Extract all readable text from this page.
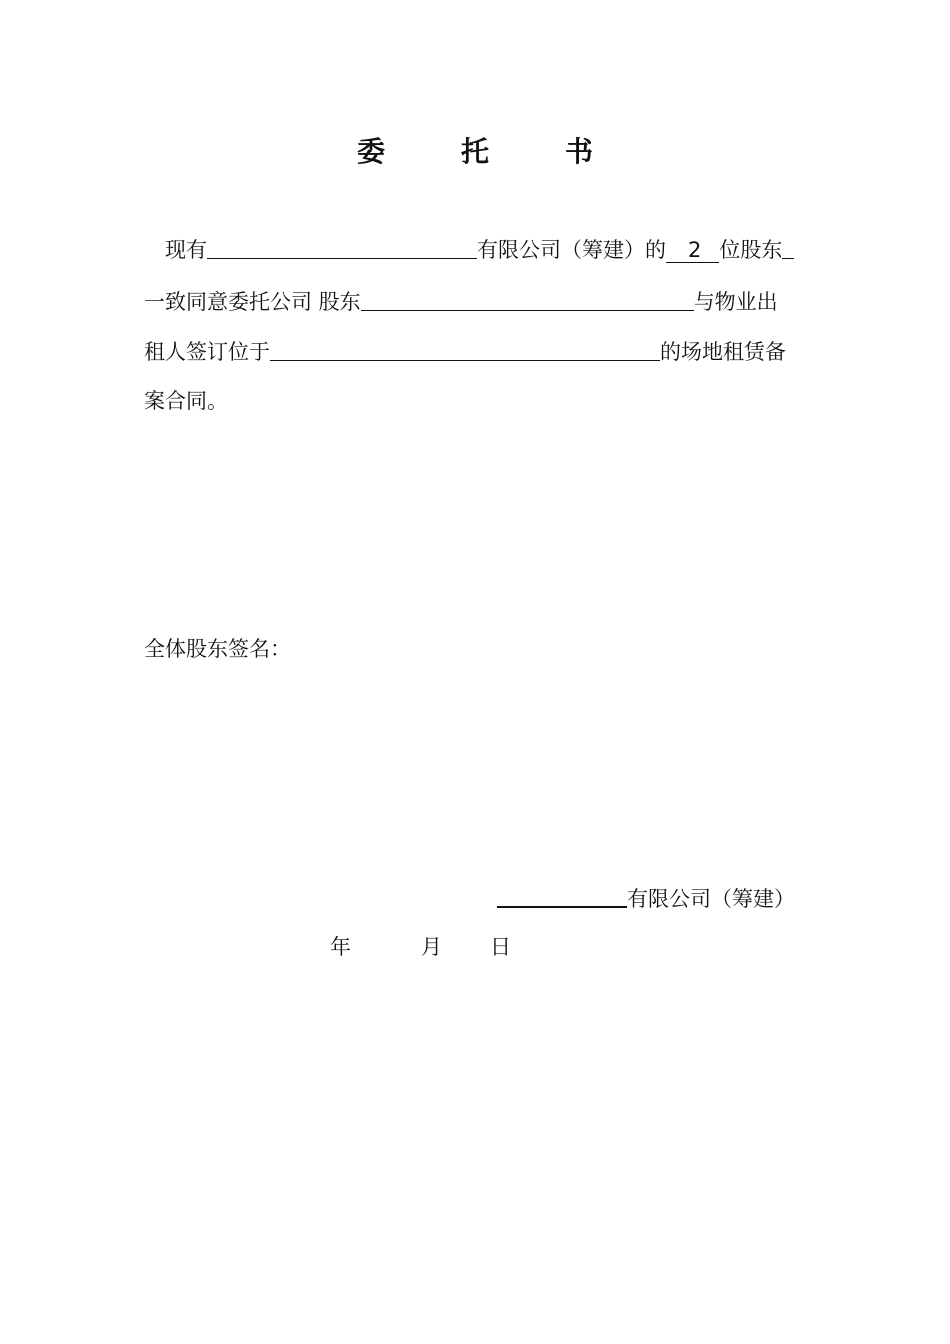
委	托	书
现有	有限公司（筹建）的 2 位股东
一致同意委托公司 股东	与物业出
租人签订位于	的场地租赁备
案合同。
全体股东签名：
有限公司（筹建）
年	月 日
